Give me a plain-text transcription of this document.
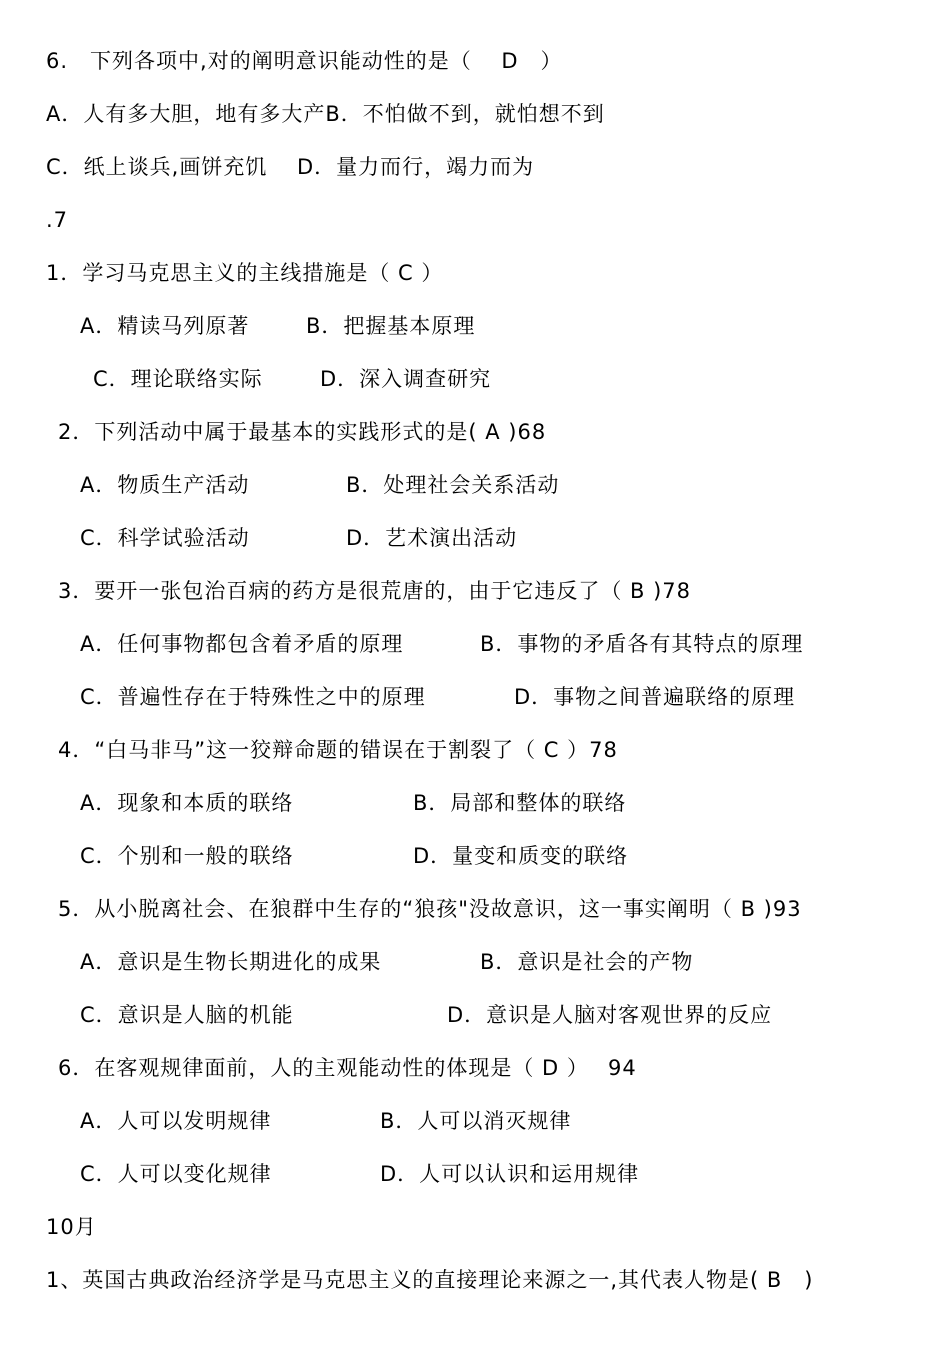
6.　下列各项中,对的阐明意识能动性的是（　 D　）

A．人有多大胆，地有多大产B．不怕做不到，就怕想不到

C．纸上谈兵,画饼充饥　 D．量力而行，竭力而为

.7

1．学习马克思主义的主线措施是（ C ）

A．精读马列原著

	B．把握基本原理

C．理论联络实际

	D．深入调查研究

2．下列活动中属于最基本的实践形式的是( A )68

A．物质生产活动

	B．处理社会关系活动

C．科学试验活动

	D．艺术演出活动

3．要开一张包治百病的药方是很荒唐的，由于它违反了（ B )78

A．任何事物都包含着矛盾的原理

	B．事物的矛盾各有其特点的原理

C．普遍性存在于特殊性之中的原理

	D．事物之间普遍联络的原理

4．“白马非马”这一狡辩命题的错误在于割裂了（ C ）78

A．现象和本质的联络

	B．局部和整体的联络

C．个别和一般的联络

	D．量变和质变的联络

5．从小脱离社会、在狼群中生存的“狼孩"没故意识，这一事实阐明（ B )93

A．意识是生物长期进化的成果

	B．意识是社会的产物

C．意识是人脑的机能

	D．意识是人脑对客观世界的反应

6．在客观规律面前，人的主观能动性的体现是（ D ）　 94

A．人可以发明规律

	B．人可以消灭规律

C．人可以变化规律

	D．人可以认识和运用规律

10月

1、英国古典政治经济学是马克思主义的直接理论来源之一,其代表人物是( B　)
